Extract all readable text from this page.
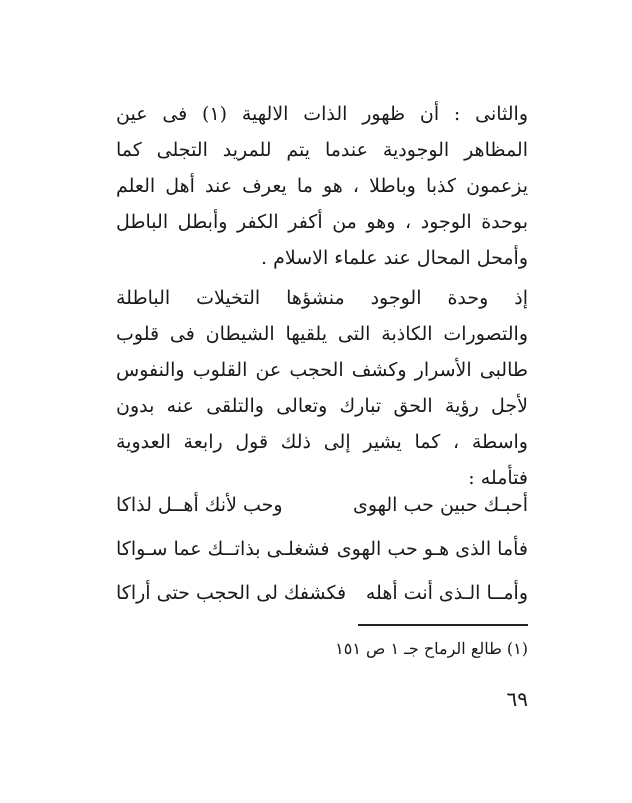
والثانى : أن ظهور الذات الالهية (١) فى عين
المظاهر الوجودية عندما يتم للمريد التجلى كما
يزعمون كذبا وباطلا ، هو ما يعرف عند أهل العلم
بوحدة الوجود ، وهو من أكفر الكفر وأبطل الباطل
وأمحل المحال عند علماء الاسلام .
إذ وحدة الوجود منشؤها التخيلات الباطلة
والتصورات الكاذبة التى يلقيها الشيطان فى قلوب
طالبى الأسرار وكشف الحجب عن القلوب والنفوس
لأجل رؤية الحق تبارك وتعالى والتلقى عنه بدون
واسطة ، كما يشير إلى ذلك قول رابعة العدوية
فتأمله :
أحبـك حبين حب الهوى
وحب لأنك أهــل لذاكا
فأما الذى هـو حب الهوى
فشغلـى بذاتــك عما سـواكا
وأمــا الـذى أنت أهله
فكشفك لى الحجب حتى أراكا
(١) طالع الرماح جـ ١ ص ١٥١
٦٩
